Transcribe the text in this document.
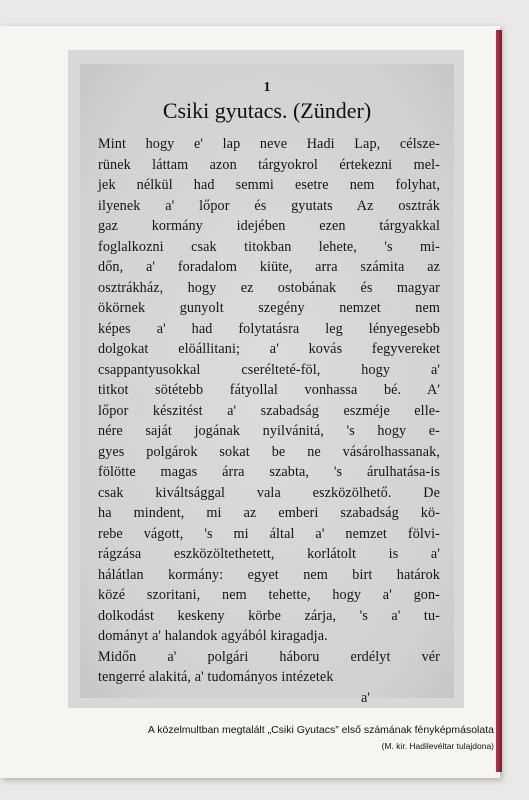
1
Csiki gyutacs. (Zünder)
Mint hogy e' lap neve Hadi Lap, célsze-
rünek láttam azon tárgyokrol értekezni mel-
jek nélkül had semmi esetre nem folyhat,
ilyenek a' lőpor és gyutats Az osztrák
gaz kormány idejében ezen tárgyakkal
foglalkozni csak titokban lehete, 's mi-
dőn, a' foradalom kiüte, arra számita az
osztrákház, hogy ez ostobának és magyar
ökörnek gunyolt szegény nemzet nem
képes a' had folytatásra leg lényegesebb
dolgokat elöállitani; a' kovás fegyvereket
csappantyusokkal cserélteté-föl, hogy a'
titkot sötétebb fátyollal vonhassa bé. A'
lőpor készitést a' szabadság eszméje elle-
nére saját jogának nyilvánitá, 's hogy e-
gyes polgárok sokat be ne vásárolhassanak,
fölötte magas árra szabta, 's árulhatása-is
csak kiváltsággal vala eszközölhető. De
ha mindent, mi az emberi szabadság kö-
rebe vágott, 's mi által a' nemzet fölvi-
rágzása eszközöltethetett, korlátolt is a'
hálátlan kormány: egyet nem birt határok
közé szoritani, nem tehette, hogy a' gon-
dolkodást keskeny körbe zárja, 's a' tu-
dományt a' halandok agyából kiragadja.
Midőn a' polgári háboru erdélyt vér
tengerré alakitá, a' tudományos intézetek
a'
A közelmultban megtalált „Csiki Gyutacs” első számának fényképmásolata
(M. kir. Hadilevéltar tulajdona)
